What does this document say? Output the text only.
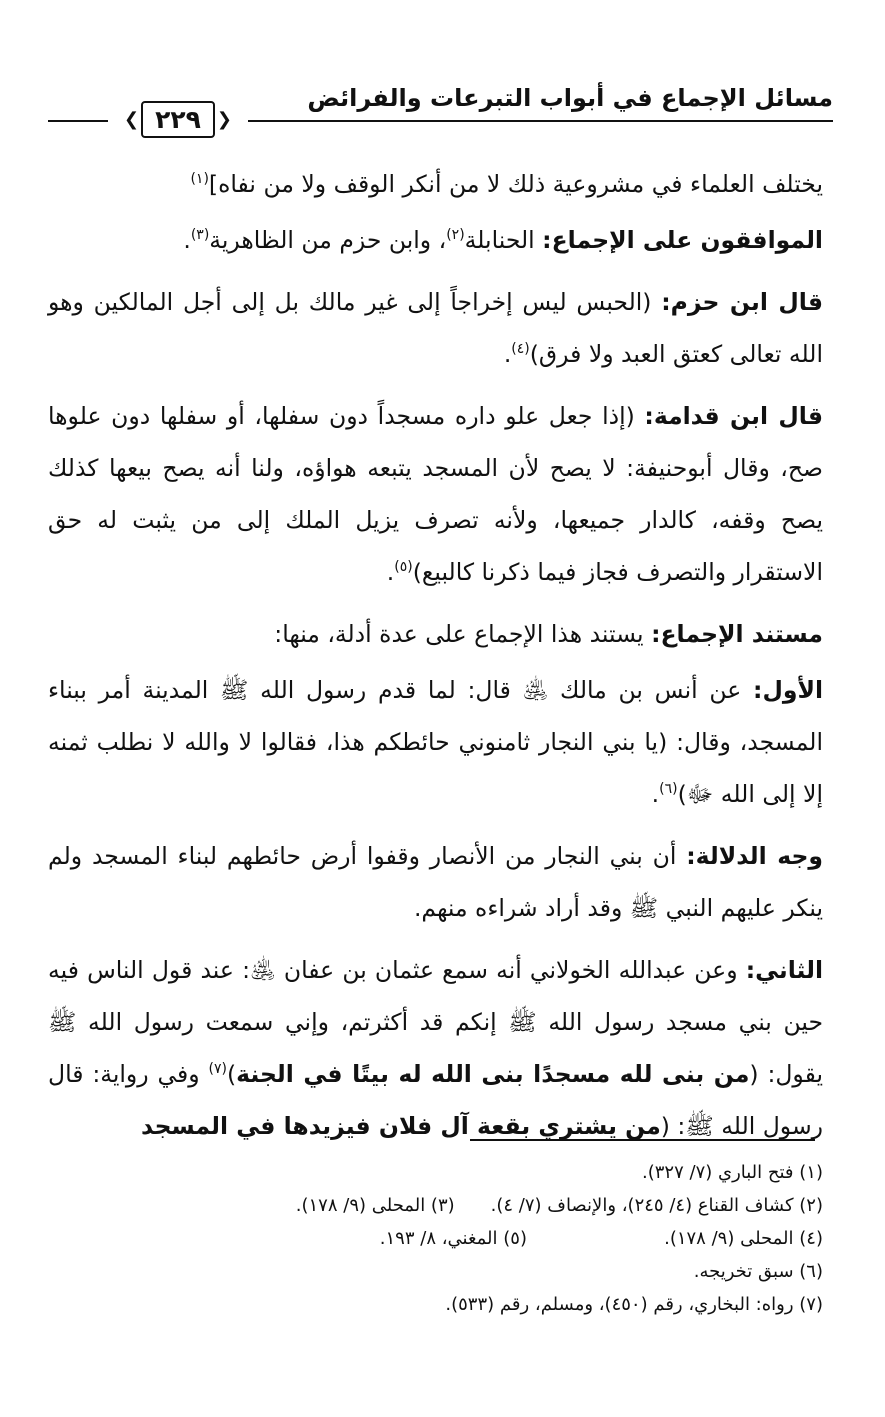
❮ ٢٢٩ ❯
مسائل الإجماع في أبواب التبرعات والفرائض

يختلف العلماء في مشروعية ذلك لا من أنكر الوقف ولا من نفاه]$^{(١)}$

الموافقون على الإجماع: الحنابلة$^{(٢)}$، وابن حزم من الظاهرية$^{(٣)}$.

قال ابن حزم: (الحبس ليس إخراجاً إلى غير مالك بل إلى أجل المالكين وهو الله تعالى كعتق العبد ولا فرق)$^{(٤)}$.

قال ابن قدامة: (إذا جعل علو داره مسجداً دون سفلها، أو سفلها دون علوها صح، وقال أبوحنيفة: لا يصح لأن المسجد يتبعه هواؤه، ولنا أنه يصح بيعها كذلك يصح وقفه، كالدار جميعها، ولأنه تصرف يزيل الملك إلى من يثبت له حق الاستقرار والتصرف فجاز فيما ذكرنا كالبيع)$^{(٥)}$.

مستند الإجماع: يستند هذا الإجماع على عدة أدلة، منها:

الأول: عن أنس بن مالك ﵁ قال: لما قدم رسول الله ﷺ المدينة أمر ببناء المسجد، وقال: (يا بني النجار ثامنوني حائطكم هذا، فقالوا لا والله لا نطلب ثمنه إلا إلى الله ﷻ)$^{(٦)}$.

وجه الدلالة: أن بني النجار من الأنصار وقفوا أرض حائطهم لبناء المسجد ولم ينكر عليهم النبي ﷺ وقد أراد شراءه منهم.

الثاني: وعن عبدالله الخولاني أنه سمع عثمان بن عفان ﵁: عند قول الناس فيه حين بني مسجد رسول الله ﷺ إنكم قد أكثرتم، وإني سمعت رسول الله ﷺ يقول: (من بنى لله مسجدًا بنى الله له بيتًا في الجنة)$^{(٧)}$ وفي رواية: قال رسول الله ﷺ: (من يشتري بقعة آل فلان فيزيدها في المسجد

(١) فتح الباري (٧/ ٣٢٧).
(٢) كشاف القناع (٤/ ٢٤٥)، والإنصاف (٧/ ٤).
(٣) المحلى (٩/ ١٧٨).
(٤) المحلى (٩/ ١٧٨).
(٥) المغني، ٨/ ١٩٣.
(٦) سبق تخريجه.
(٧) رواه: البخاري، رقم (٤٥٠)، ومسلم، رقم (٥٣٣).
